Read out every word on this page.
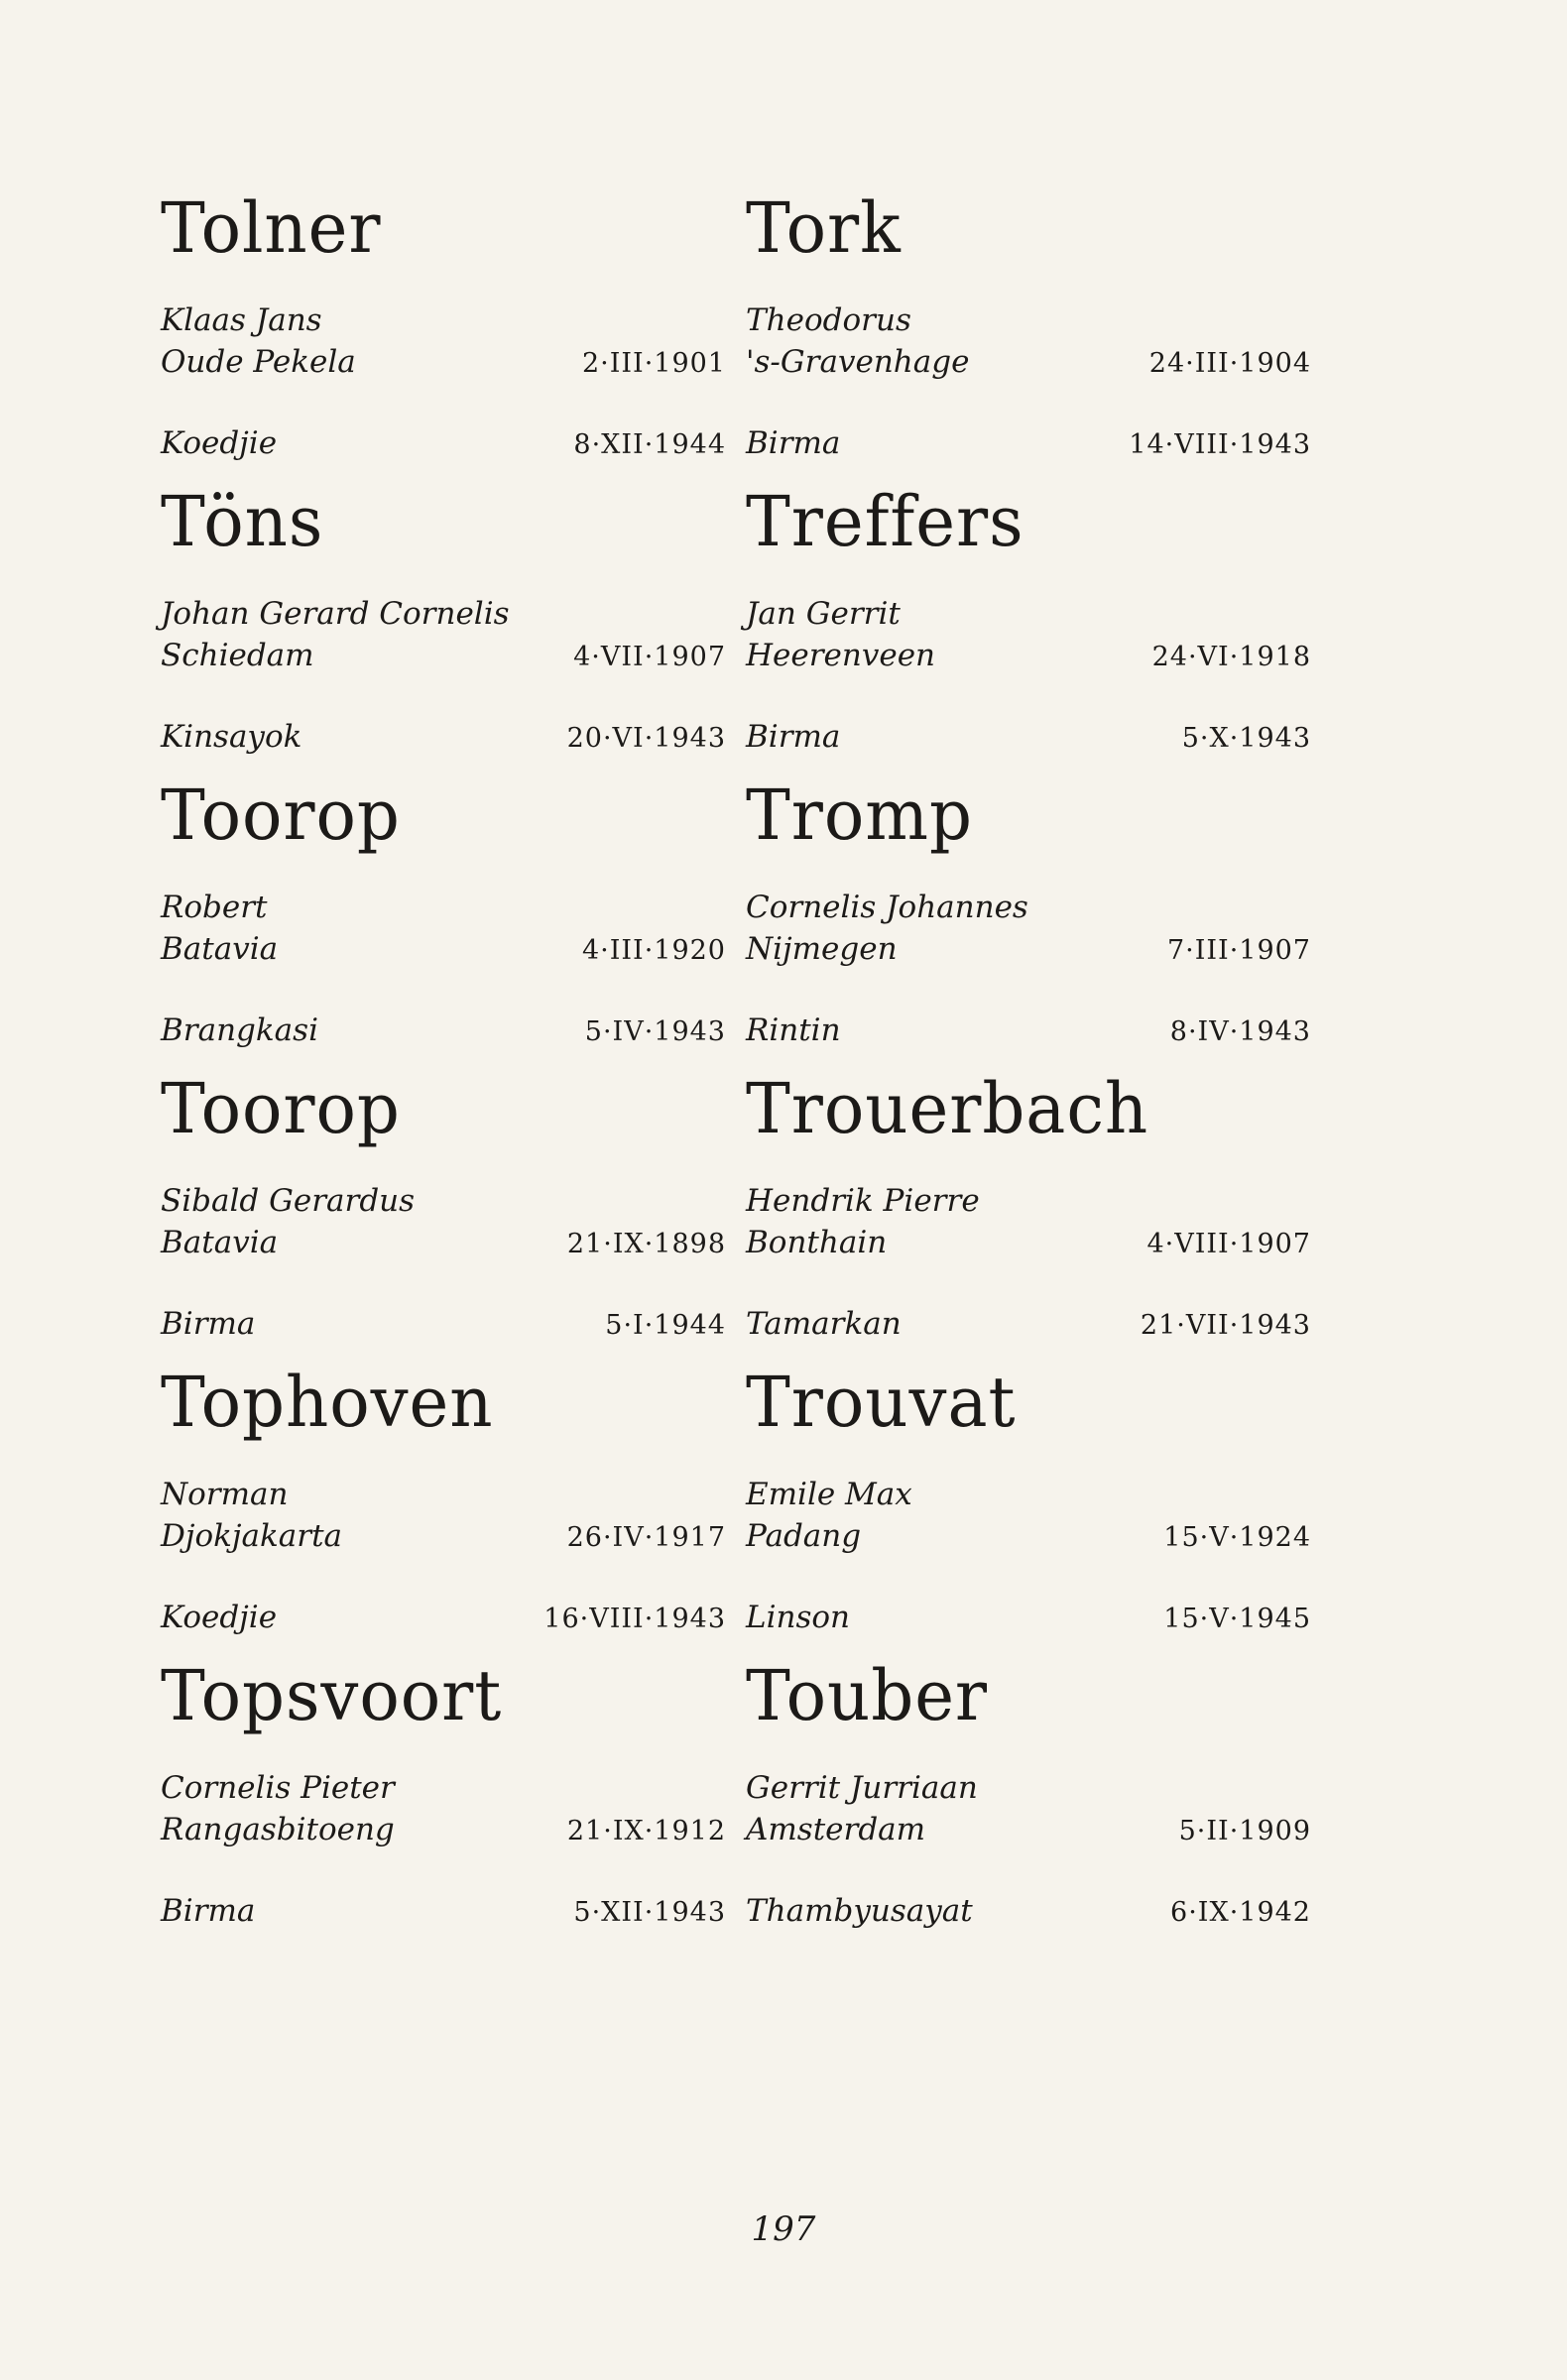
Tolner
Klaas Jans
Oude Pekela	2·III·1901
Koedjie	8·XII·1944
Töns
Johan Gerard Cornelis
Schiedam	4·VII·1907
Kinsayok	20·VI·1943
Toorop
Robert
Batavia	4·III·1920
Brangkasi	5·IV·1943
Toorop
Sibald Gerardus
Batavia	21·IX·1898
Birma	5·I·1944
Tophoven
Norman
Djokjakarta	26·IV·1917
Koedjie	16·VIII·1943
Topsvoort
Cornelis Pieter
Rangasbitoeng	21·IX·1912
Birma	5·XII·1943
Tork
Theodorus
's-Gravenhage	24·III·1904
Birma	14·VIII·1943
Treffers
Jan Gerrit
Heerenveen	24·VI·1918
Birma	5·X·1943
Tromp
Cornelis Johannes
Nijmegen	7·III·1907
Rintin	8·IV·1943
Trouerbach
Hendrik Pierre
Bonthain	4·VIII·1907
Tamarkan	21·VII·1943
Trouvat
Emile Max
Padang	15·V·1924
Linson	15·V·1945
Touber
Gerrit Jurriaan
Amsterdam	5·II·1909
Thambyusayat	6·IX·1942
197
